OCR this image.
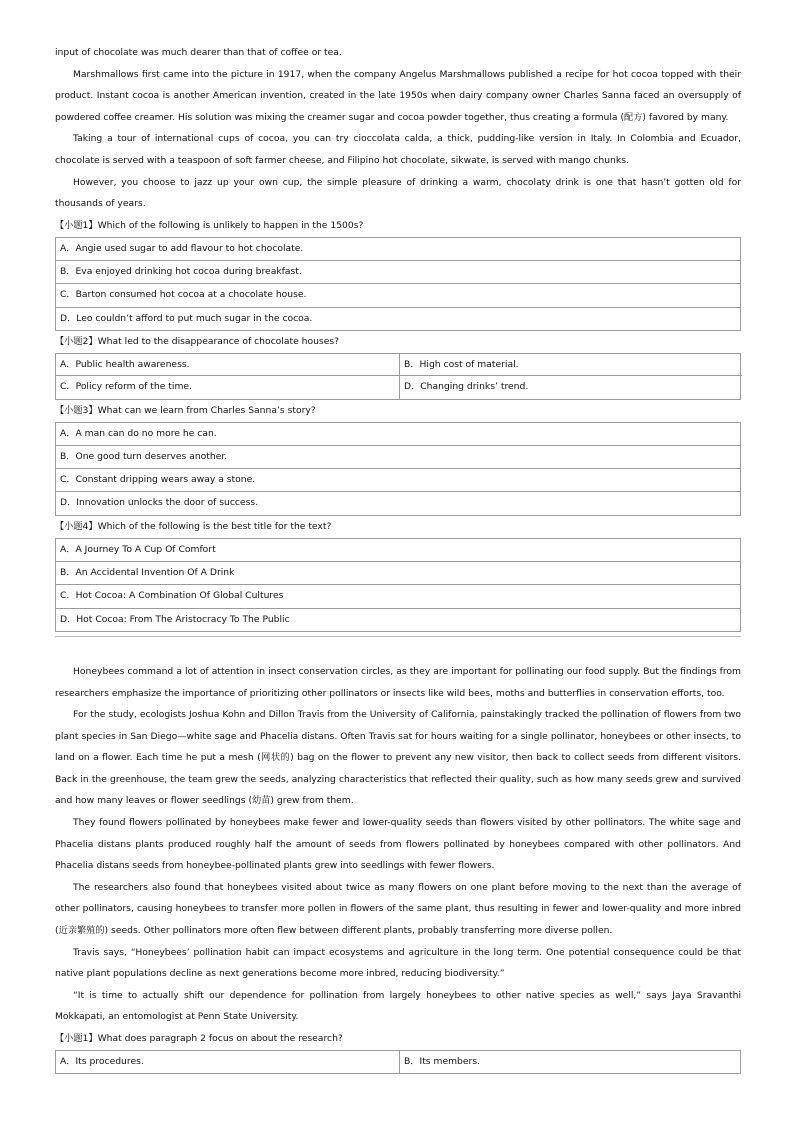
input of chocolate was much dearer than that of coffee or tea.

Marshmallows first came into the picture in 1917, when the company Angelus Marshmallows published a recipe for hot cocoa topped with their product. Instant cocoa is another American invention, created in the late 1950s when dairy company owner Charles Sanna faced an oversupply of powdered coffee creamer. His solution was mixing the creamer sugar and cocoa powder together, thus creating a formula (配方) favored by many.

Taking a tour of international cups of cocoa, you can try cioccolata calda, a thick, pudding-like version in Italy. In Colombia and Ecuador, chocolate is served with a teaspoon of soft farmer cheese, and Filipino hot chocolate, sikwate, is served with mango chunks.

However, you choose to jazz up your own cup, the simple pleasure of drinking a warm, chocolaty drink is one that hasn’t gotten old for thousands of years.

【小题1】Which of the following is unlikely to happen in the 1500s?
A．Angie used sugar to add flavour to hot chocolate.
B．Eva enjoyed drinking hot cocoa during breakfast.
C．Barton consumed hot cocoa at a chocolate house.
D．Leo couldn’t afford to put much sugar in the cocoa.
【小题2】What led to the disappearance of chocolate houses?
A．Public health awareness.	B．High cost of material.
C．Policy reform of the time.	D．Changing drinks’ trend.
【小题3】What can we learn from Charles Sanna’s story?
A．A man can do no more he can.
B．One good turn deserves another.
C．Constant dripping wears away a stone.
D．Innovation unlocks the door of success.
【小题4】Which of the following is the best title for the text?
A．A Journey To A Cup Of Comfort
B．An Accidental Invention Of A Drink
C．Hot Cocoa: A Combination Of Global Cultures
D．Hot Cocoa: From The Aristocracy To The Public

Honeybees command a lot of attention in insect conservation circles, as they are important for pollinating our food supply. But the findings from researchers emphasize the importance of prioritizing other pollinators or insects like wild bees, moths and butterflies in conservation efforts, too.

For the study, ecologists Joshua Kohn and Dillon Travis from the University of California, painstakingly tracked the pollination of flowers from two plant species in San Diego—white sage and Phacelia distans. Often Travis sat for hours waiting for a single pollinator, honeybees or other insects, to land on a flower. Each time he put a mesh (网状的) bag on the flower to prevent any new visitor, then back to collect seeds from different visitors. Back in the greenhouse, the team grew the seeds, analyzing characteristics that reflected their quality, such as how many seeds grew and survived and how many leaves or flower seedlings (幼苗) grew from them.

They found flowers pollinated by honeybees make fewer and lower-quality seeds than flowers visited by other pollinators. The white sage and Phacelia distans plants produced roughly half the amount of seeds from flowers pollinated by honeybees compared with other pollinators. And Phacelia distans seeds from honeybee-pollinated plants grew into seedlings with fewer flowers.

The researchers also found that honeybees visited about twice as many flowers on one plant before moving to the next than the average of other pollinators, causing honeybees to transfer more pollen in flowers of the same plant, thus resulting in fewer and lower-quality and more inbred (近亲繁殖的) seeds. Other pollinators more often flew between different plants, probably transferring more diverse pollen.

Travis says, “Honeybees’ pollination habit can impact ecosystems and agriculture in the long term. One potential consequence could be that native plant populations decline as next generations become more inbred, reducing biodiversity.”

“It is time to actually shift our dependence for pollination from largely honeybees to other native species as well,” says Jaya Sravanthi Mokkapati, an entomologist at Penn State University.

【小题1】What does paragraph 2 focus on about the research?
A．Its procedures.	B．Its members.
